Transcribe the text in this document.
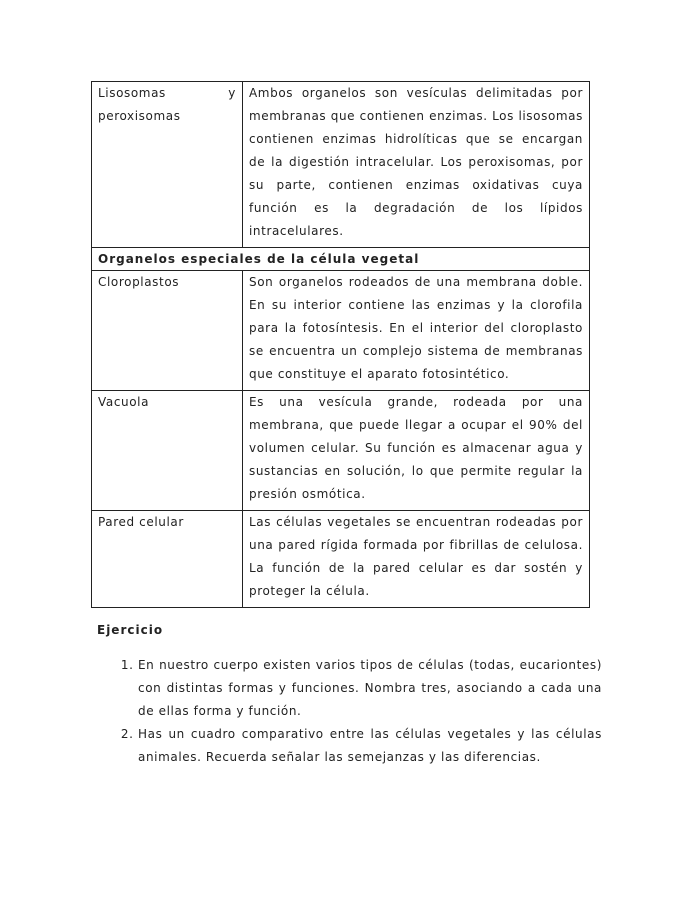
Lisosomas y peroxisomas	Ambos organelos son vesículas delimitadas por membranas que contienen enzimas. Los lisosomas contienen enzimas hidrolíticas que se encargan de la digestión intracelular. Los peroxisomas, por su parte, contienen enzimas oxidativas cuya función es la degradación de los lípidos intracelulares.
Organelos especiales de la célula vegetal	
Cloroplastos	Son organelos rodeados de una membrana doble. En su interior contiene las enzimas y la clorofila para la fotosíntesis. En el interior del cloroplasto se encuentra un complejo sistema de membranas que constituye el aparato fotosintético.
Vacuola	Es una vesícula grande, rodeada por una membrana, que puede llegar a ocupar el 90% del volumen celular. Su función es almacenar agua y sustancias en solución, lo que permite regular la presión osmótica.
Pared celular	Las células vegetales se encuentran rodeadas por una pared rígida formada por fibrillas de celulosa. La función de la pared celular es dar sostén y proteger la célula.
Ejercicio
1. En nuestro cuerpo existen varios tipos de células (todas, eucariontes) con distintas formas y funciones. Nombra tres, asociando a cada una de ellas forma y función.
2. Has un cuadro comparativo entre las células vegetales y las células animales. Recuerda señalar las semejanzas y las diferencias.
